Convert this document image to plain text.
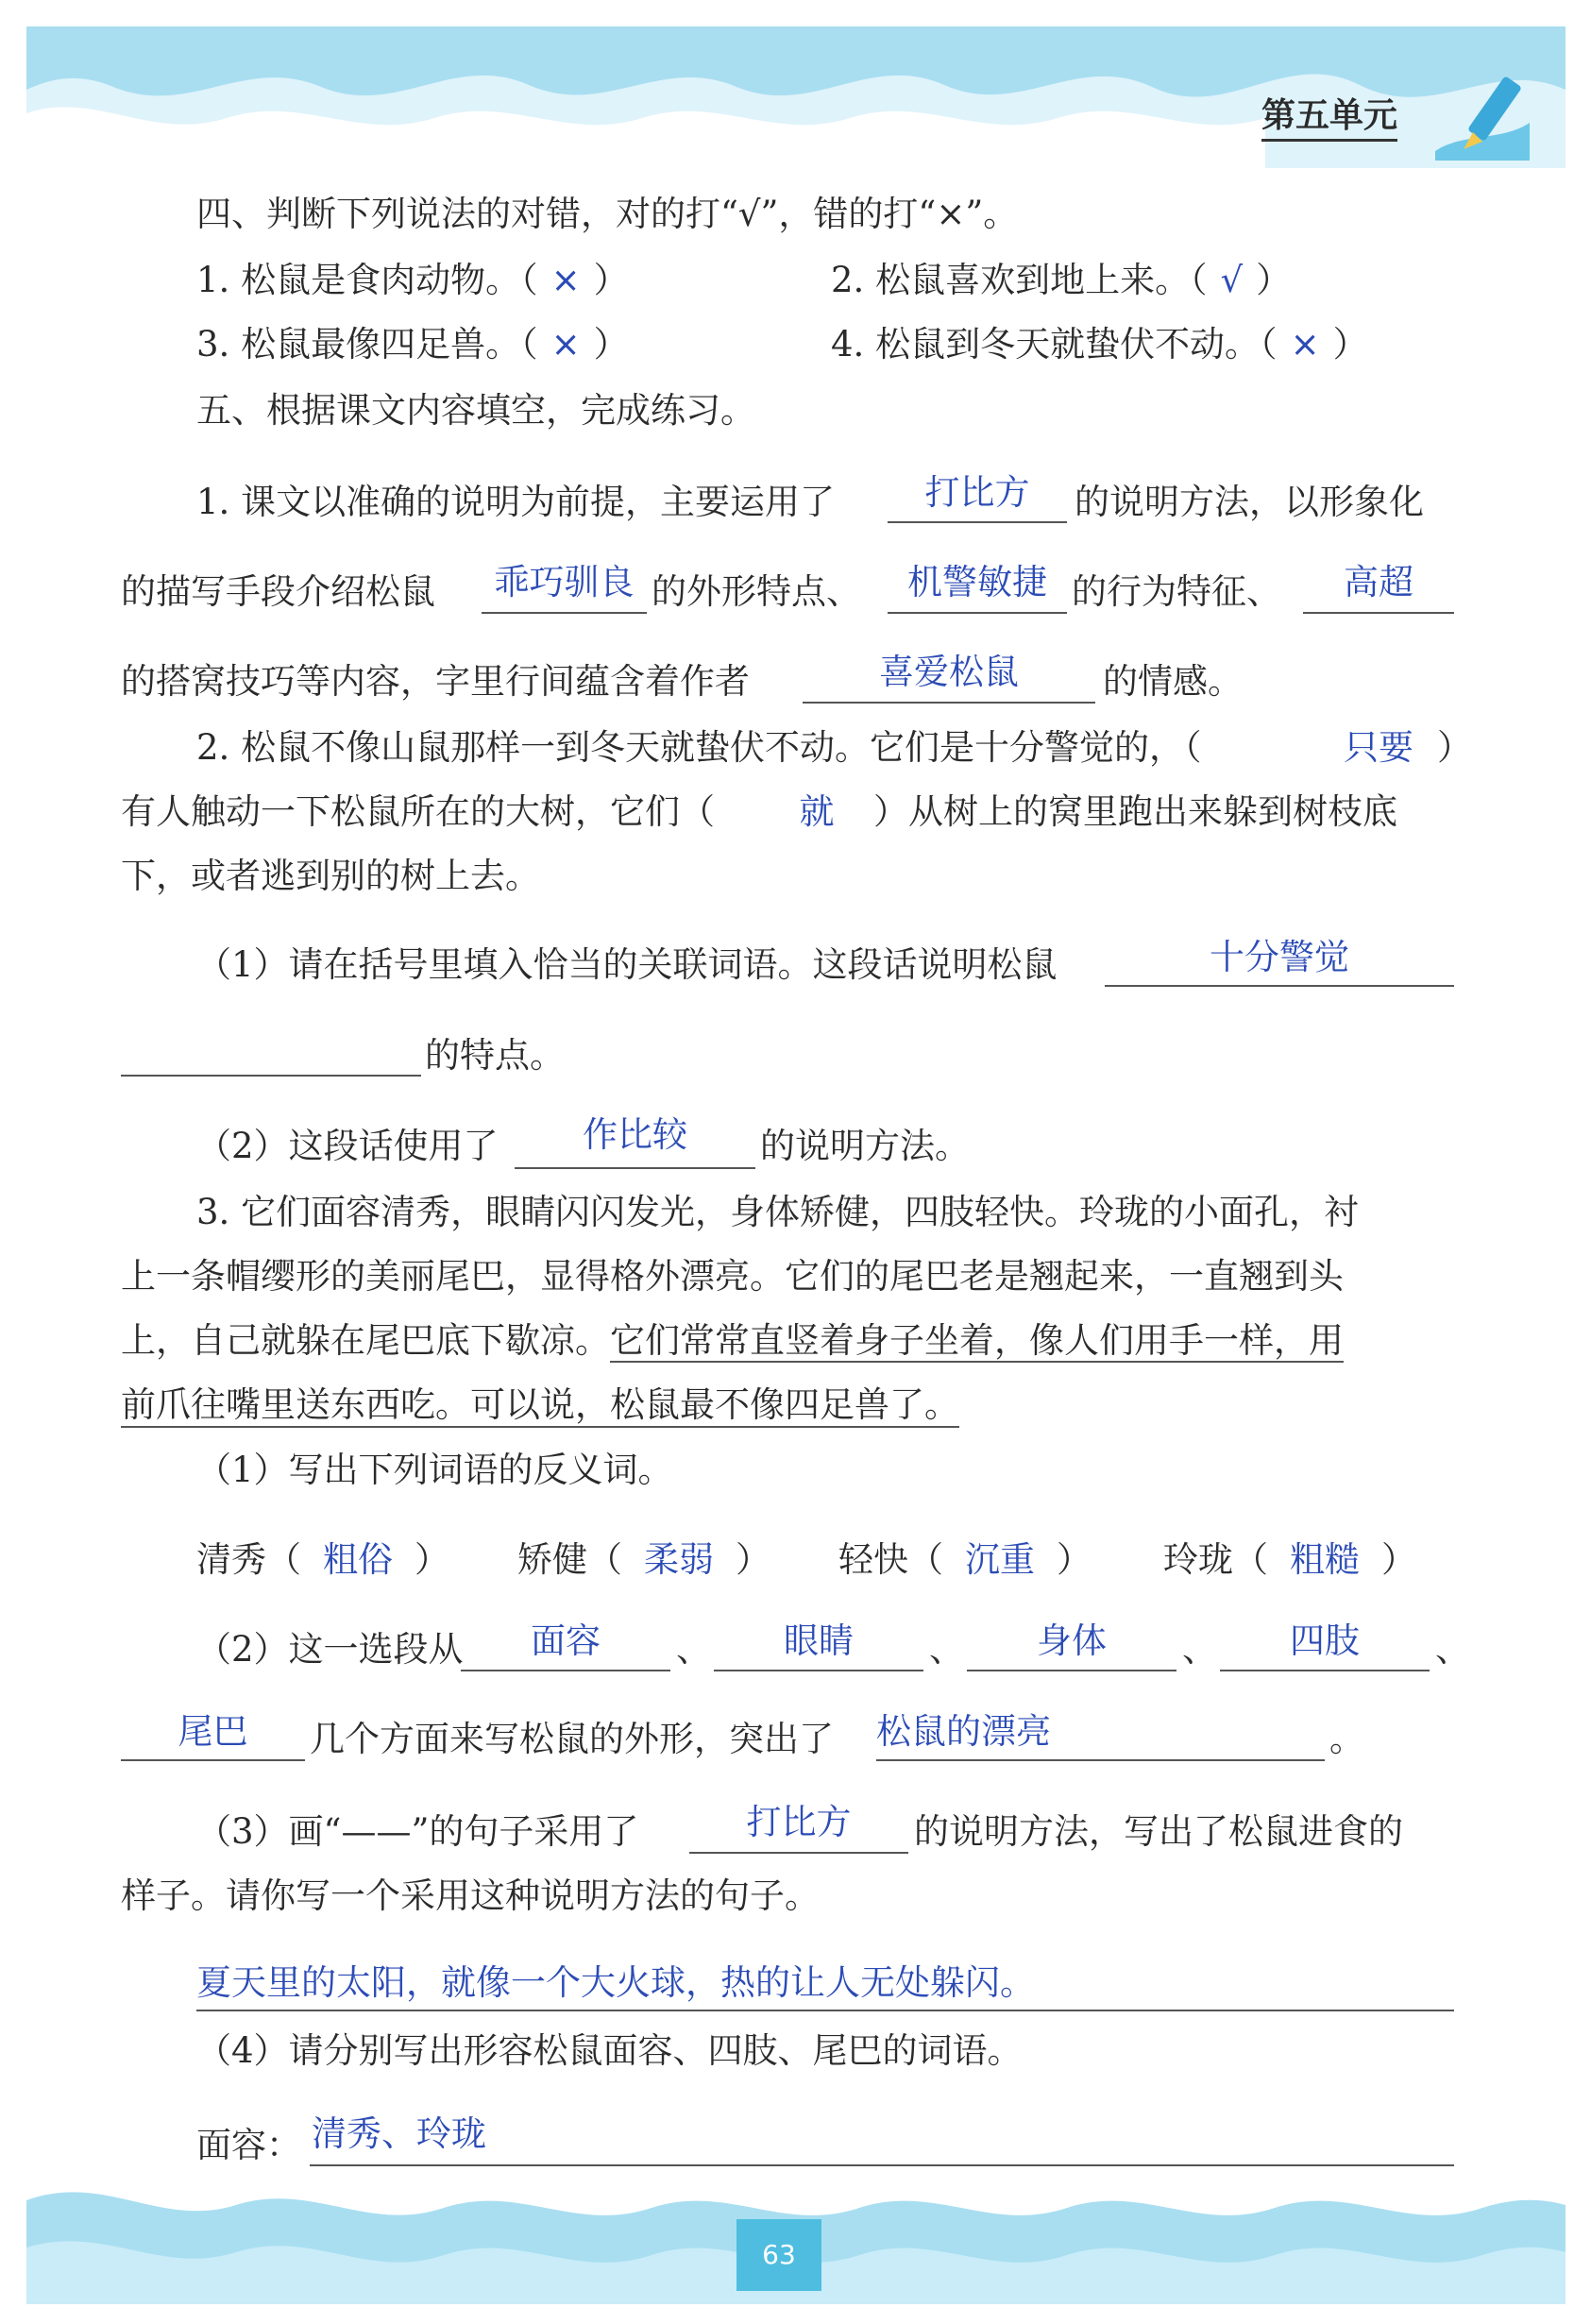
第五单元
四、判断下列说法的对错，对的打“√”，错的打“×”。
1. 松鼠是食肉动物。（ × ）	2. 松鼠喜欢到地上来。（ √ ）
3. 松鼠最像四足兽。（ × ）	4. 松鼠到冬天就蛰伏不动。（ × ）
五、根据课文内容填空，完成练习。
1. 课文以准确的说明为前提，主要运用了	打比方	的说明方法，以形象化
的描写手段介绍松鼠	乖巧驯良 的外形特点、	机警敏捷 的行为特征、	高超
的搭窝技巧等内容，字里行间蕴含着作者	喜爱松鼠	的情感。
2. 松鼠不像山鼠那样一到冬天就蛰伏不动。它们是十分警觉的，（	只要 ）
有人触动一下松鼠所在的大树，它们（	就	）从树上的窝里跑出来躲到树枝底
下，或者逃到别的树上去。
（1）请在括号里填入恰当的关联词语。这段话说明松鼠	十分警觉
的特点。
（2）这段话使用了	作比较	的说明方法。
3. 它们面容清秀，眼睛闪闪发光，身体矫健，四肢轻快。玲珑的小面孔，衬
上一条帽缨形的美丽尾巴，显得格外漂亮。它们的尾巴老是翘起来，一直翘到头
上，自己就躲在尾巴底下歇凉。它们常常直竖着身子坐着，像人们用手一样，用
前爪往嘴里送东西吃。可以说，松鼠最不像四足兽了。
（1）写出下列词语的反义词。
清秀（ 粗俗 ） 矫健（ 柔弱 ） 轻快（ 沉重 ） 玲珑（ 粗糙 ）
（2）这一选段从	面容	、	眼睛	、	身体	、	四肢	、
尾巴	几个方面来写松鼠的外形，突出了 松鼠的漂亮	。
（3）画“——”的句子采用了	打比方	的说明方法，写出了松鼠进食的
样子。请你写一个采用这种说明方法的句子。
夏天里的太阳，就像一个大火球，热的让人无处躲闪。
（4）请分别写出形容松鼠面容、四肢、尾巴的词语。
面容： 清秀、玲珑
63
